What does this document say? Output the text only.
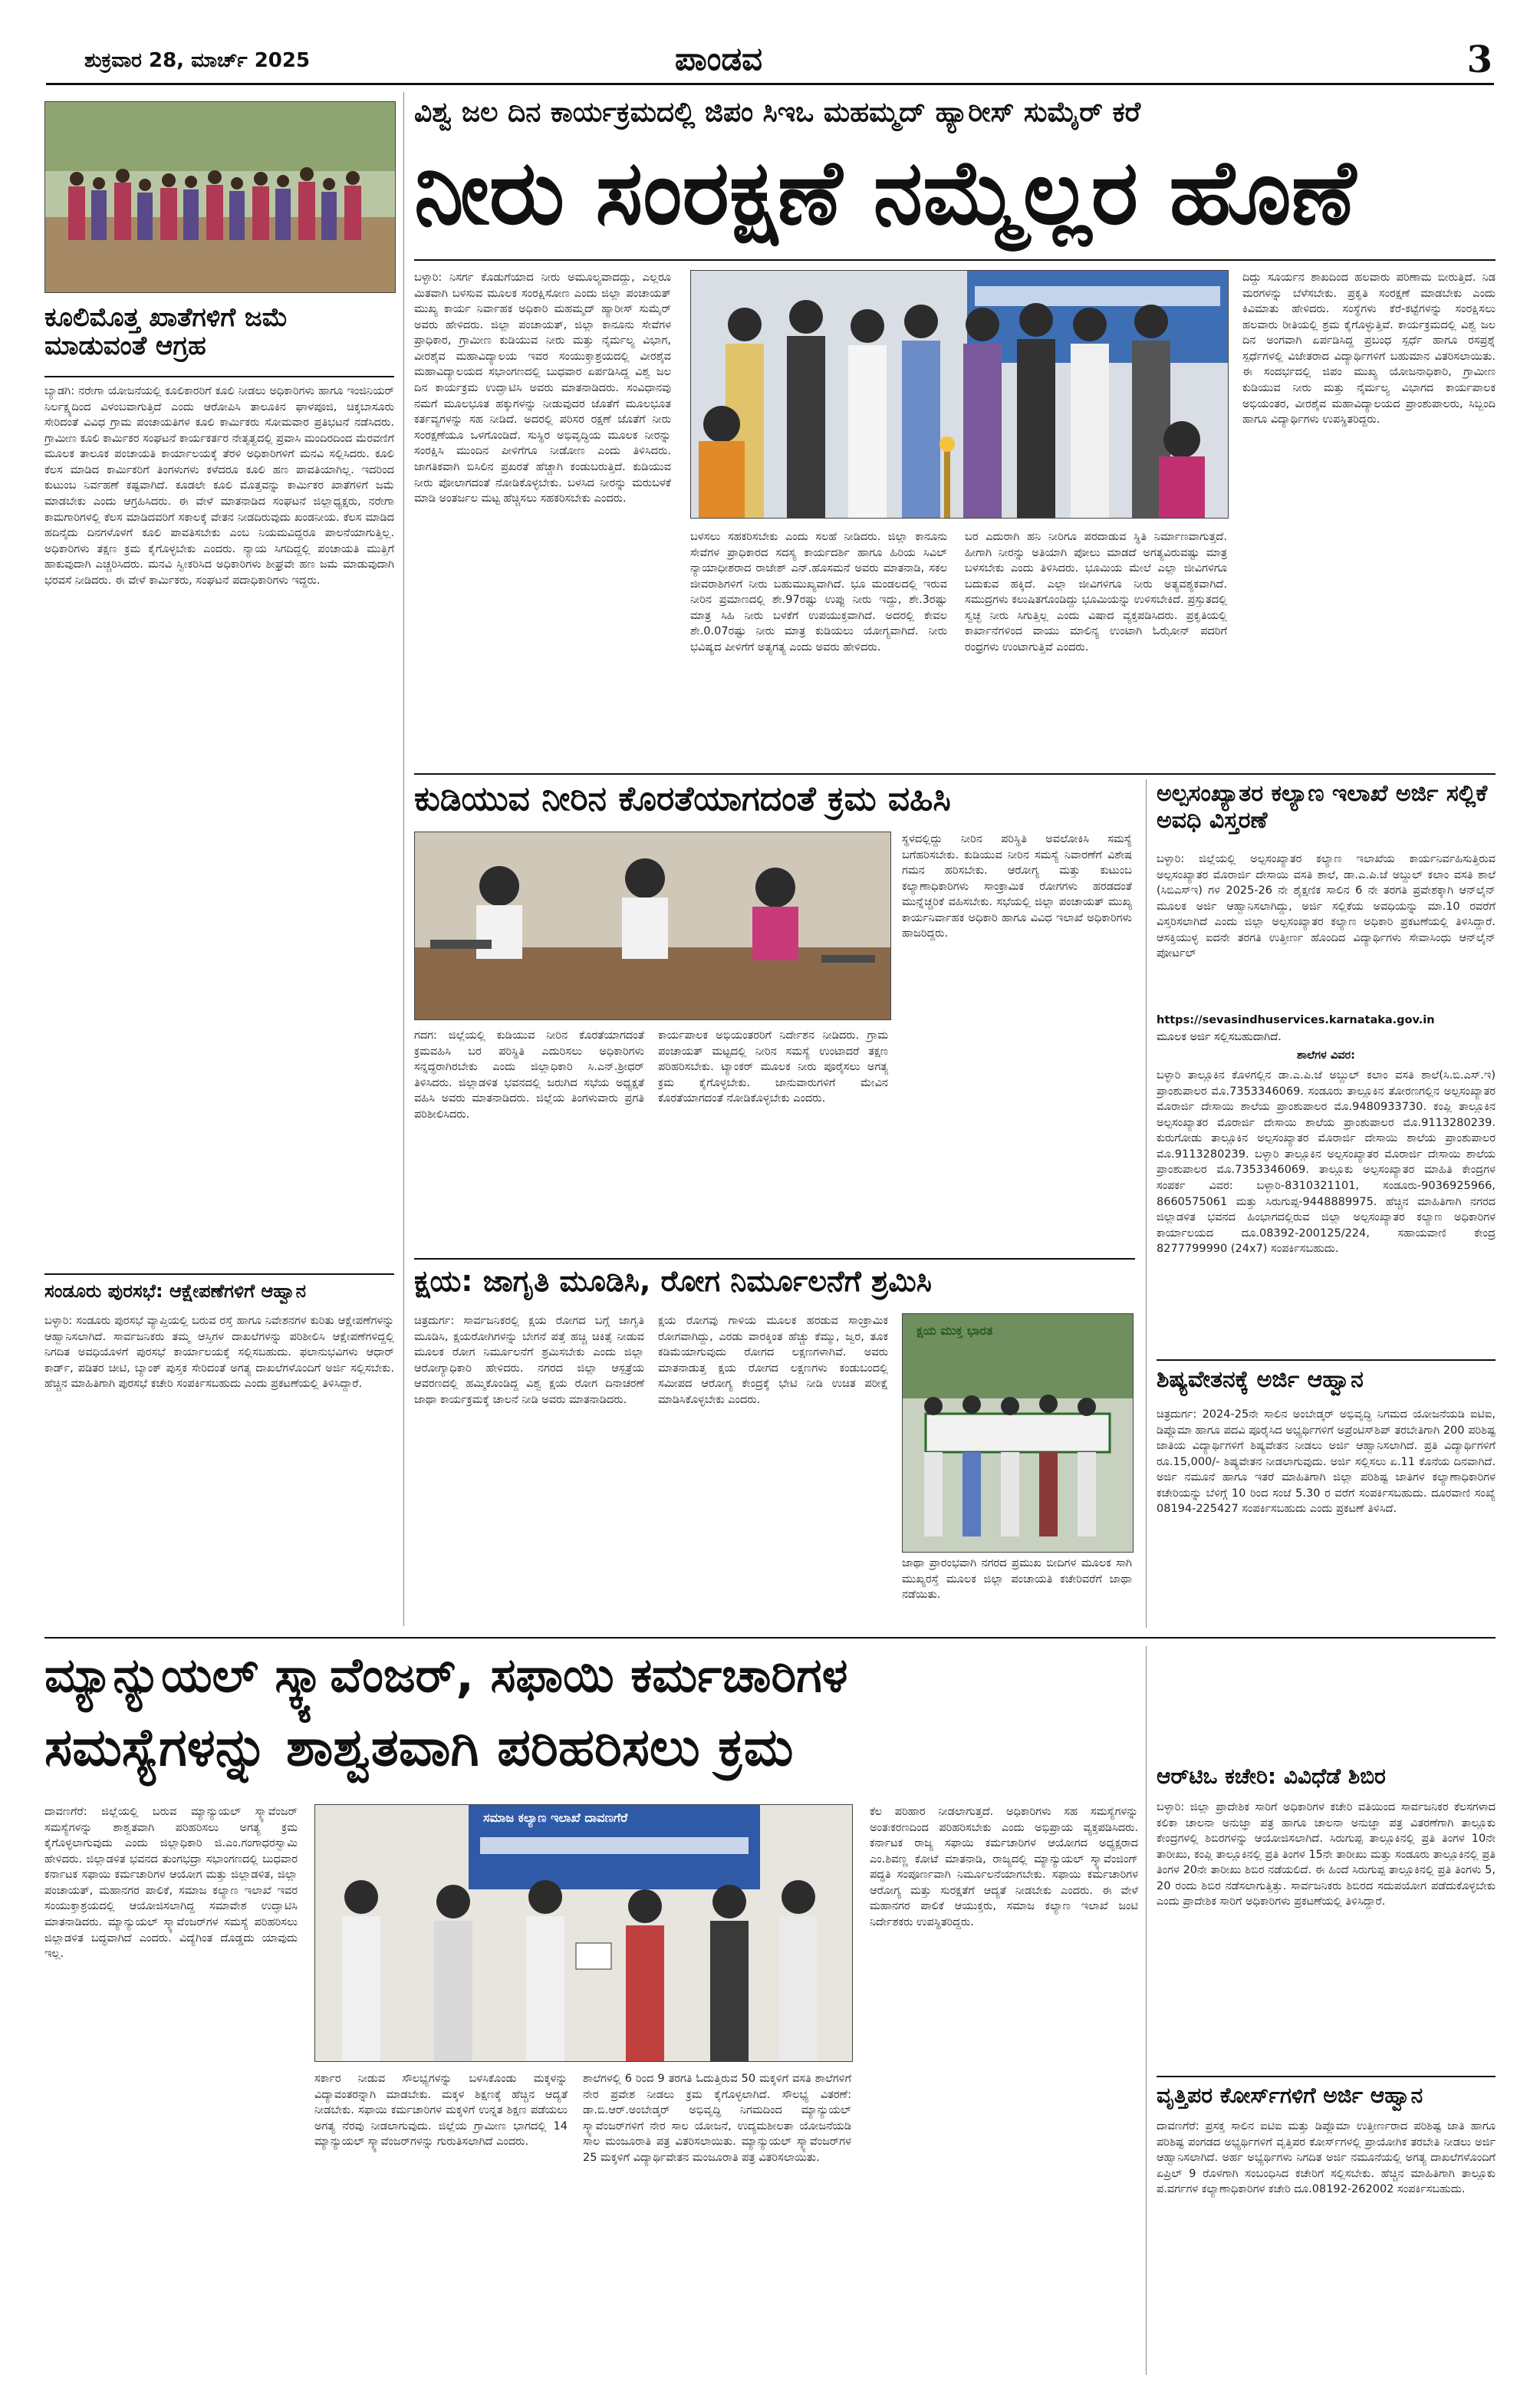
ಶುಕ್ರವಾರ 28, ಮಾರ್ಚ್ 2025	ಪಾಂಡವ	3
ಕೂಲಿಮೊತ್ತ ಖಾತೆಗಳಿಗೆ ಜಮೆ ಮಾಡುವಂತೆ ಆಗ್ರಹ
ಬ್ಯಾಡಗಿ: ನರೇಗಾ ಯೋಜನೆಯಲ್ಲಿ ಕೂಲಿಕಾರರಿಗೆ ಕೂಲಿ ನೀಡಲು ಅಧಿಕಾರಿಗಳು ಹಾಗೂ ಇಂಜಿನಿಯರ್ ನಿರ್ಲಕ್ಷ್ಯದಿಂದ ವಿಳಂಬವಾಗುತ್ತಿದೆ ಎಂದು ಆರೋಪಿಸಿ ತಾಲೂಕಿನ ಘಾಳಪೂಜಿ, ಚಿಕ್ಕಬಾಸೂರು ಸೇರಿದಂತೆ ವಿವಿಧ ಗ್ರಾಮ ಪಂಚಾಯತಿಗಳ ಕೂಲಿ ಕಾರ್ಮಿಕರು ಸೋಮವಾರ ಪ್ರತಿಭಟನೆ ನಡೆಸಿದರು. ಗ್ರಾಮೀಣ ಕೂಲಿ ಕಾರ್ಮಿಕರ ಸಂಘಟನೆ ಕಾರ್ಯಕರ್ತರ ನೇತೃತ್ವದಲ್ಲಿ ಪ್ರವಾಸಿ ಮಂದಿರದಿಂದ ಮೆರವಣಿಗೆ ಮೂಲಕ ತಾಲೂಕ ಪಂಚಾಯತಿ ಕಾರ್ಯಾಲಯಕ್ಕೆ ತೆರಳಿ ಅಧಿಕಾರಿಗಳಿಗೆ ಮನವಿ ಸಲ್ಲಿಸಿದರು. ಕೂಲಿ ಕೆಲಸ ಮಾಡಿದ ಕಾರ್ಮಿಕರಿಗೆ ತಿಂಗಳುಗಳು ಕಳೆದರೂ ಕೂಲಿ ಹಣ ಪಾವತಿಯಾಗಿಲ್ಲ. ಇದರಿಂದ ಕುಟುಂಬ ನಿರ್ವಹಣೆ ಕಷ್ಟವಾಗಿದೆ. ಕೂಡಲೇ ಕೂಲಿ ಮೊತ್ತವನ್ನು ಕಾರ್ಮಿಕರ ಖಾತೆಗಳಿಗೆ ಜಮೆ ಮಾಡಬೇಕು ಎಂದು ಆಗ್ರಹಿಸಿದರು. ಈ ವೇಳೆ ಮಾತನಾಡಿದ ಸಂಘಟನೆ ಜಿಲ್ಲಾಧ್ಯಕ್ಷರು, ನರೇಗಾ ಕಾಮಗಾರಿಗಳಲ್ಲಿ ಕೆಲಸ ಮಾಡಿದವರಿಗೆ ಸಕಾಲಕ್ಕೆ ವೇತನ ನೀಡದಿರುವುದು ಖಂಡನೀಯ. ಕೆಲಸ ಮಾಡಿದ ಹದಿನೈದು ದಿನಗಳೊಳಗೆ ಕೂಲಿ ಪಾವತಿಸಬೇಕು ಎಂಬ ನಿಯಮವಿದ್ದರೂ ಪಾಲನೆಯಾಗುತ್ತಿಲ್ಲ. ಅಧಿಕಾರಿಗಳು ತಕ್ಷಣ ಕ್ರಮ ಕೈಗೊಳ್ಳಬೇಕು ಎಂದರು. ನ್ಯಾಯ ಸಿಗದಿದ್ದಲ್ಲಿ ಪಂಚಾಯತಿ ಮುತ್ತಿಗೆ ಹಾಕುವುದಾಗಿ ಎಚ್ಚರಿಸಿದರು. ಮನವಿ ಸ್ವೀಕರಿಸಿದ ಅಧಿಕಾರಿಗಳು ಶೀಘ್ರವೇ ಹಣ ಜಮೆ ಮಾಡುವುದಾಗಿ ಭರವಸೆ ನೀಡಿದರು. ಈ ವೇಳೆ ಕಾರ್ಮಿಕರು, ಸಂಘಟನೆ ಪದಾಧಿಕಾರಿಗಳು ಇದ್ದರು.
ಸಂಡೂರು ಪುರಸಭೆ: ಆಕ್ಷೇಪಣೆಗಳಿಗೆ ಆಹ್ವಾನ
ಬಳ್ಳಾರಿ: ಸಂಡೂರು ಪುರಸಭೆ ವ್ಯಾಪ್ತಿಯಲ್ಲಿ ಬರುವ ರಸ್ತೆ ಹಾಗೂ ನಿವೇಶನಗಳ ಕುರಿತು ಆಕ್ಷೇಪಣೆಗಳನ್ನು ಆಹ್ವಾನಿಸಲಾಗಿದೆ. ಸಾರ್ವಜನಿಕರು ತಮ್ಮ ಆಸ್ತಿಗಳ ದಾಖಲೆಗಳನ್ನು ಪರಿಶೀಲಿಸಿ ಆಕ್ಷೇಪಣೆಗಳಿದ್ದಲ್ಲಿ ನಿಗದಿತ ಅವಧಿಯೊಳಗೆ ಪುರಸಭೆ ಕಾರ್ಯಾಲಯಕ್ಕೆ ಸಲ್ಲಿಸಬಹುದು. ಫಲಾನುಭವಿಗಳು ಆಧಾರ್ ಕಾರ್ಡ್, ಪಡಿತರ ಚೀಟಿ, ಬ್ಯಾಂಕ್ ಪುಸ್ತಕ ಸೇರಿದಂತೆ ಅಗತ್ಯ ದಾಖಲೆಗಳೊಂದಿಗೆ ಅರ್ಜಿ ಸಲ್ಲಿಸಬೇಕು. ಹೆಚ್ಚಿನ ಮಾಹಿತಿಗಾಗಿ ಪುರಸಭೆ ಕಚೇರಿ ಸಂಪರ್ಕಿಸಬಹುದು ಎಂದು ಪ್ರಕಟಣೆಯಲ್ಲಿ ತಿಳಿಸಿದ್ದಾರೆ.
ವಿಶ್ವ ಜಲ ದಿನ ಕಾರ್ಯಕ್ರಮದಲ್ಲಿ ಜಿಪಂ ಸಿಇಒ ಮಹಮ್ಮದ್ ಹ್ಯಾರೀಸ್ ಸುಮೈರ್ ಕರೆ
ನೀರು ಸಂರಕ್ಷಣೆ ನಮ್ಮೆಲ್ಲರ ಹೊಣೆ
ಬಳ್ಳಾರಿ: ನಿಸರ್ಗ ಕೊಡುಗೆಯಾದ ನೀರು ಅಮೂಲ್ಯವಾದದ್ದು, ಎಲ್ಲರೂ ಮಿತವಾಗಿ ಬಳಸುವ ಮೂಲಕ ಸಂರಕ್ಷಿಸೋಣ ಎಂದು ಜಿಲ್ಲಾ ಪಂಚಾಯತ್ ಮುಖ್ಯ ಕಾರ್ಯ ನಿರ್ವಾಹಕ ಅಧಿಕಾರಿ ಮಹಮ್ಮದ್ ಹ್ಯಾರೀಸ್ ಸುಮೈರ್ ಅವರು ಹೇಳಿದರು. ಜಿಲ್ಲಾ ಪಂಚಾಯತ್, ಜಿಲ್ಲಾ ಕಾನೂನು ಸೇವೆಗಳ ಪ್ರಾಧಿಕಾರ, ಗ್ರಾಮೀಣ ಕುಡಿಯುವ ನೀರು ಮತ್ತು ನೈರ್ಮಲ್ಯ ವಿಭಾಗ, ವೀರಶೈವ ಮಹಾವಿದ್ಯಾಲಯ ಇವರ ಸಂಯುಕ್ತಾಶ್ರಯದಲ್ಲಿ ವೀರಶೈವ ಮಹಾವಿದ್ಯಾಲಯದ ಸಭಾಂಗಣದಲ್ಲಿ ಬುಧವಾರ ಏರ್ಪಡಿಸಿದ್ದ ವಿಶ್ವ ಜಲ ದಿನ ಕಾರ್ಯಕ್ರಮ ಉದ್ಘಾಟಿಸಿ ಅವರು ಮಾತನಾಡಿದರು. ಸಂವಿಧಾನವು ನಮಗೆ ಮೂಲಭೂತ ಹಕ್ಕುಗಳನ್ನು ನೀಡುವುದರ ಜೊತೆಗೆ ಮೂಲಭೂತ ಕರ್ತವ್ಯಗಳನ್ನು ಸಹ ನೀಡಿದೆ. ಅದರಲ್ಲಿ ಪರಿಸರ ರಕ್ಷಣೆ ಜೊತೆಗೆ ನೀರು ಸಂರಕ್ಷಣೆಯೂ ಒಳಗೊಂಡಿದೆ. ಸುಸ್ಥಿರ ಅಭಿವೃದ್ಧಿಯ ಮೂಲಕ ನೀರನ್ನು ಸಂರಕ್ಷಿಸಿ ಮುಂದಿನ ಪೀಳಿಗೆಗೂ ನೀಡೋಣ ಎಂದು ತಿಳಿಸಿದರು. ಜಾಗತಿಕವಾಗಿ ಬಿಸಿಲಿನ ಪ್ರಖರತೆ ಹೆಚ್ಚಾಗಿ ಕಂಡುಬರುತ್ತಿದೆ. ಕುಡಿಯುವ ನೀರು ಪೋಲಾಗದಂತೆ ನೋಡಿಕೊಳ್ಳಬೇಕು. ಬಳಸಿದ ನೀರನ್ನು ಮರುಬಳಕೆ ಮಾಡಿ ಅಂತರ್ಜಲ ಮಟ್ಟ ಹೆಚ್ಚಿಸಲು ಸಹಕರಿಸಬೇಕು ಎಂದರು.
ಬಳಸಲು ಸಹಕರಿಸಬೇಕು ಎಂದು ಸಲಹೆ ನೀಡಿದರು. ಜಿಲ್ಲಾ ಕಾನೂನು ಸೇವೆಗಳ ಪ್ರಾಧಿಕಾರದ ಸದಸ್ಯ ಕಾರ್ಯದರ್ಶಿ ಹಾಗೂ ಹಿರಿಯ ಸಿವಿಲ್ ನ್ಯಾಯಾಧೀಶರಾದ ರಾಜೇಶ್ ಎನ್.ಹೊಸಮನೆ ಅವರು ಮಾತನಾಡಿ, ಸಕಲ ಜೀವರಾಶಿಗಳಿಗೆ ನೀರು ಬಹುಮುಖ್ಯವಾಗಿದೆ. ಭೂ ಮಂಡಲದಲ್ಲಿ ಇರುವ ನೀರಿನ ಪ್ರಮಾಣದಲ್ಲಿ ಶೇ.97ರಷ್ಟು ಉಪ್ಪು ನೀರು ಇದ್ದು, ಶೇ.3ರಷ್ಟು ಮಾತ್ರ ಸಿಹಿ ನೀರು ಬಳಕೆಗೆ ಉಪಯುಕ್ತವಾಗಿದೆ. ಅದರಲ್ಲಿ ಕೇವಲ ಶೇ.0.07ರಷ್ಟು ನೀರು ಮಾತ್ರ ಕುಡಿಯಲು ಯೋಗ್ಯವಾಗಿದೆ. ನೀರು ಭವಿಷ್ಯದ ಪೀಳಿಗೆಗೆ ಅತ್ಯಗತ್ಯ ಎಂದು ಅವರು ಹೇಳಿದರು.
ಬರ ಎದುರಾಗಿ ಹನಿ ನೀರಿಗೂ ಪರದಾಡುವ ಸ್ಥಿತಿ ನಿರ್ಮಾಣವಾಗುತ್ತದೆ. ಹೀಗಾಗಿ ನೀರನ್ನು ಅತಿಯಾಗಿ ಪೋಲು ಮಾಡದೆ ಅಗತ್ಯವಿರುವಷ್ಟು ಮಾತ್ರ ಬಳಸಬೇಕು ಎಂದು ತಿಳಿಸಿದರು. ಭೂಮಿಯ ಮೇಲೆ ಎಲ್ಲಾ ಜೀವಿಗಳಿಗೂ ಬದುಕುವ ಹಕ್ಕಿದೆ. ಎಲ್ಲಾ ಜೀವಿಗಳಿಗೂ ನೀರು ಅತ್ಯವಶ್ಯಕವಾಗಿದೆ. ಸಮುದ್ರಗಳು ಕಲುಷಿತಗೊಂಡಿದ್ದು ಭೂಮಿಯನ್ನು ಉಳಿಸಬೇಕಿದೆ. ಪ್ರಸ್ತುತದಲ್ಲಿ ಸ್ವಚ್ಛ ನೀರು ಸಿಗುತ್ತಿಲ್ಲ ಎಂದು ವಿಷಾದ ವ್ಯಕ್ತಪಡಿಸಿದರು. ಪ್ರಕೃತಿಯಲ್ಲಿ ಕಾರ್ಖಾನೆಗಳಿಂದ ವಾಯು ಮಾಲಿನ್ಯ ಉಂಟಾಗಿ ಓಝೋನ್ ಪದರಿಗೆ ರಂಧ್ರಗಳು ಉಂಟಾಗುತ್ತಿವೆ ಎಂದರು.
ದಿದ್ದು ಸೂರ್ಯನ ಶಾಖದಿಂದ ಹಲವಾರು ಪರಿಣಾಮ ಬೀರುತ್ತಿದೆ. ನಿಡ ಮರಗಳನ್ನು ಬೆಳೆಸಬೇಕು. ಪ್ರಕೃತಿ ಸಂರಕ್ಷಣೆ ಮಾಡಬೇಕು ಎಂದು ಕಿವಿಮಾತು ಹೇಳಿದರು. ಸಂಸ್ಥೆಗಳು ಕೆರೆ-ಕಟ್ಟೆಗಳನ್ನು ಸಂರಕ್ಷಿಸಲು ಹಲವಾರು ರೀತಿಯಲ್ಲಿ ಶ್ರಮ ಕೈಗೊಳ್ಳುತ್ತಿವೆ. ಕಾರ್ಯಕ್ರಮದಲ್ಲಿ ವಿಶ್ವ ಜಲ ದಿನ ಅಂಗವಾಗಿ ಏರ್ಪಡಿಸಿದ್ದ ಪ್ರಬಂಧ ಸ್ಪರ್ಧೆ ಹಾಗೂ ರಸಪ್ರಶ್ನೆ ಸ್ಪರ್ಧೆಗಳಲ್ಲಿ ವಿಜೇತರಾದ ವಿದ್ಯಾರ್ಥಿಗಳಿಗೆ ಬಹುಮಾನ ವಿತರಿಸಲಾಯಿತು. ಈ ಸಂದರ್ಭದಲ್ಲಿ ಜಿಪಂ ಮುಖ್ಯ ಯೋಜನಾಧಿಕಾರಿ, ಗ್ರಾಮೀಣ ಕುಡಿಯುವ ನೀರು ಮತ್ತು ನೈರ್ಮಲ್ಯ ವಿಭಾಗದ ಕಾರ್ಯಪಾಲಕ ಅಭಿಯಂತರ, ವೀರಶೈವ ಮಹಾವಿದ್ಯಾಲಯದ ಪ್ರಾಂಶುಪಾಲರು, ಸಿಬ್ಬಂದಿ ಹಾಗೂ ವಿದ್ಯಾರ್ಥಿಗಳು ಉಪಸ್ಥಿತರಿದ್ದರು.
ಕುಡಿಯುವ ನೀರಿನ ಕೊರತೆಯಾಗದಂತೆ ಕ್ರಮ ವಹಿಸಿ
ಗದಗ: ಜಿಲ್ಲೆಯಲ್ಲಿ ಕುಡಿಯುವ ನೀರಿನ ಕೊರತೆಯಾಗದಂತೆ ಕ್ರಮವಹಿಸಿ ಬರ ಪರಿಸ್ಥಿತಿ ಎದುರಿಸಲು ಅಧಿಕಾರಿಗಳು ಸನ್ನದ್ಧರಾಗಿರಬೇಕು ಎಂದು ಜಿಲ್ಲಾಧಿಕಾರಿ ಸಿ.ಎನ್.ಶ್ರೀಧರ್ ತಿಳಿಸಿದರು. ಜಿಲ್ಲಾಡಳಿತ ಭವನದಲ್ಲಿ ಜರುಗಿದ ಸಭೆಯ ಅಧ್ಯಕ್ಷತೆ ವಹಿಸಿ ಅವರು ಮಾತನಾಡಿದರು. ಜಿಲ್ಲೆಯ ತಿಂಗಳುವಾರು ಪ್ರಗತಿ ಪರಿಶೀಲಿಸಿದರು.
ಕಾರ್ಯಪಾಲಕ ಅಭಿಯಂತರರಿಗೆ ನಿರ್ದೇಶನ ನೀಡಿದರು. ಗ್ರಾಮ ಪಂಚಾಯತ್ ಮಟ್ಟದಲ್ಲಿ ನೀರಿನ ಸಮಸ್ಯೆ ಉಂಟಾದರೆ ತಕ್ಷಣ ಪರಿಹರಿಸಬೇಕು. ಟ್ಯಾಂಕರ್ ಮೂಲಕ ನೀರು ಪೂರೈಸಲು ಅಗತ್ಯ ಕ್ರಮ ಕೈಗೊಳ್ಳಬೇಕು. ಜಾನುವಾರುಗಳಿಗೆ ಮೇವಿನ ಕೊರತೆಯಾಗದಂತೆ ನೋಡಿಕೊಳ್ಳಬೇಕು ಎಂದರು.
ಸ್ಥಳದಲ್ಲಿದ್ದು ನೀರಿನ ಪರಿಸ್ಥಿತಿ ಅವಲೋಕಿಸಿ ಸಮಸ್ಯೆ ಬಗೆಹರಿಸಬೇಕು. ಕುಡಿಯುವ ನೀರಿನ ಸಮಸ್ಯೆ ನಿವಾರಣೆಗೆ ವಿಶೇಷ ಗಮನ ಹರಿಸಬೇಕು. ಆರೋಗ್ಯ ಮತ್ತು ಕುಟುಂಬ ಕಲ್ಯಾಣಾಧಿಕಾರಿಗಳು ಸಾಂಕ್ರಾಮಿಕ ರೋಗಗಳು ಹರಡದಂತೆ ಮುನ್ನೆಚ್ಚರಿಕೆ ವಹಿಸಬೇಕು. ಸಭೆಯಲ್ಲಿ ಜಿಲ್ಲಾ ಪಂಚಾಯತ್ ಮುಖ್ಯ ಕಾರ್ಯನಿರ್ವಾಹಕ ಅಧಿಕಾರಿ ಹಾಗೂ ವಿವಿಧ ಇಲಾಖೆ ಅಧಿಕಾರಿಗಳು ಹಾಜರಿದ್ದರು.
ಕ್ಷಯ: ಜಾಗೃತಿ ಮೂಡಿಸಿ, ರೋಗ ನಿರ್ಮೂಲನೆಗೆ ಶ್ರಮಿಸಿ
ಚಿತ್ರದುರ್ಗ: ಸಾರ್ವಜನಿಕರಲ್ಲಿ ಕ್ಷಯ ರೋಗದ ಬಗ್ಗೆ ಜಾಗೃತಿ ಮೂಡಿಸಿ, ಕ್ಷಯರೋಗಿಗಳನ್ನು ಬೇಗನೆ ಪತ್ತೆ ಹಚ್ಚಿ ಚಿಕಿತ್ಸೆ ನೀಡುವ ಮೂಲಕ ರೋಗ ನಿರ್ಮೂಲನೆಗೆ ಶ್ರಮಿಸಬೇಕು ಎಂದು ಜಿಲ್ಲಾ ಆರೋಗ್ಯಾಧಿಕಾರಿ ಹೇಳಿದರು. ನಗರದ ಜಿಲ್ಲಾ ಆಸ್ಪತ್ರೆಯ ಆವರಣದಲ್ಲಿ ಹಮ್ಮಿಕೊಂಡಿದ್ದ ವಿಶ್ವ ಕ್ಷಯ ರೋಗ ದಿನಾಚರಣೆ ಜಾಥಾ ಕಾರ್ಯಕ್ರಮಕ್ಕೆ ಚಾಲನೆ ನೀಡಿ ಅವರು ಮಾತನಾಡಿದರು.
ಕ್ಷಯ ರೋಗವು ಗಾಳಿಯ ಮೂಲಕ ಹರಡುವ ಸಾಂಕ್ರಾಮಿಕ ರೋಗವಾಗಿದ್ದು, ಎರಡು ವಾರಕ್ಕಿಂತ ಹೆಚ್ಚು ಕೆಮ್ಮು, ಜ್ವರ, ತೂಕ ಕಡಿಮೆಯಾಗುವುದು ರೋಗದ ಲಕ್ಷಣಗಳಾಗಿವೆ. ಅವರು ಮಾತನಾಡುತ್ತ ಕ್ಷಯ ರೋಗದ ಲಕ್ಷಣಗಳು ಕಂಡುಬಂದಲ್ಲಿ ಸಮೀಪದ ಆರೋಗ್ಯ ಕೇಂದ್ರಕ್ಕೆ ಭೇಟಿ ನೀಡಿ ಉಚಿತ ಪರೀಕ್ಷೆ ಮಾಡಿಸಿಕೊಳ್ಳಬೇಕು ಎಂದರು.
ಕ್ಷಯ ಮುಕ್ತ ಭಾರತ
ಜಾಥಾ ಪ್ರಾರಂಭವಾಗಿ ನಗರದ ಪ್ರಮುಖ ಬೀದಿಗಳ ಮೂಲಕ ಸಾಗಿ ಮುಖ್ಯರಸ್ತೆ ಮೂಲಕ ಜಿಲ್ಲಾ ಪಂಚಾಯತಿ ಕಚೇರಿವರೆಗೆ ಜಾಥಾ ನಡೆಯಿತು.
ಅಲ್ಪಸಂಖ್ಯಾತರ ಕಲ್ಯಾಣ ಇಲಾಖೆ ಅರ್ಜಿ ಸಲ್ಲಿಕೆ ಅವಧಿ ವಿಸ್ತರಣೆ
ಬಳ್ಳಾರಿ: ಜಿಲ್ಲೆಯಲ್ಲಿ ಅಲ್ಪಸಂಖ್ಯಾತರ ಕಲ್ಯಾಣ ಇಲಾಖೆಯ ಕಾರ್ಯನಿರ್ವಹಿಸುತ್ತಿರುವ ಅಲ್ಪಸಂಖ್ಯಾತರ ಮೊರಾರ್ಜಿ ದೇಸಾಯಿ ವಸತಿ ಶಾಲೆ, ಡಾ.ಎ.ಪಿ.ಜೆ ಅಬ್ದುಲ್ ಕಲಾಂ ವಸತಿ ಶಾಲೆ (ಸಿಬಿಎಸ್‌ಇ) ಗಳ 2025-26 ನೇ ಶೈಕ್ಷಣಿಕ ಸಾಲಿನ 6 ನೇ ತರಗತಿ ಪ್ರವೇಶಕ್ಕಾಗಿ ಆನ್‌ಲೈನ್ ಮೂಲಕ ಅರ್ಜಿ ಆಹ್ವಾನಿಸಲಾಗಿದ್ದು, ಅರ್ಜಿ ಸಲ್ಲಿಕೆಯ ಅವಧಿಯನ್ನು ಮಾ.10 ರವರೆಗೆ ವಿಸ್ತರಿಸಲಾಗಿದೆ ಎಂದು ಜಿಲ್ಲಾ ಅಲ್ಪಸಂಖ್ಯಾತರ ಕಲ್ಯಾಣ ಅಧಿಕಾರಿ ಪ್ರಕಟಣೆಯಲ್ಲಿ ತಿಳಿಸಿದ್ದಾರೆ. ಆಸಕ್ತಿಯುಳ್ಳ ಐದನೇ ತರಗತಿ ಉತ್ತೀರ್ಣ ಹೊಂದಿದ ವಿದ್ಯಾರ್ಥಿಗಳು ಸೇವಾಸಿಂಧು ಆನ್‌ಲೈನ್ ಪೋರ್ಟಲ್
https://sevasindhuservices.karnataka.gov.in
ಮೂಲಕ ಅರ್ಜಿ ಸಲ್ಲಿಸಬಹುದಾಗಿದೆ.
ಶಾಲೆಗಳ ವಿವರ:
ಬಳ್ಳಾರಿ ತಾಲ್ಲೂಕಿನ ಕೊಳಗಲ್ಲಿನ ಡಾ.ಎ.ಪಿ.ಜೆ ಅಬ್ದುಲ್ ಕಲಾಂ ವಸತಿ ಶಾಲೆ(ಸಿ.ಬಿ.ಎಸ್.ಇ) ಪ್ರಾಂಶುಪಾಲರ ಮೊ.7353346069. ಸಂಡೂರು ತಾಲ್ಲೂಕಿನ ತೋರಣಗಲ್ಲಿನ ಅಲ್ಪಸಂಖ್ಯಾತರ ಮೊರಾರ್ಜಿ ದೇಸಾಯಿ ಶಾಲೆಯ ಪ್ರಾಂಶುಪಾಲರ ಮೊ.9480933730. ಕಂಪ್ಲಿ ತಾಲ್ಲೂಕಿನ ಅಲ್ಪಸಂಖ್ಯಾತರ ಮೊರಾರ್ಜಿ ದೇಸಾಯಿ ಶಾಲೆಯ ಪ್ರಾಂಶುಪಾಲರ ಮೊ.9113280239. ಕುರುಗೋಡು ತಾಲ್ಲೂಕಿನ ಅಲ್ಪಸಂಖ್ಯಾತರ ಮೊರಾರ್ಜಿ ದೇಸಾಯಿ ಶಾಲೆಯ ಪ್ರಾಂಶುಪಾಲರ ಮೊ.9113280239. ಬಳ್ಳಾರಿ ತಾಲ್ಲೂಕಿನ ಅಲ್ಪಸಂಖ್ಯಾತರ ಮೊರಾರ್ಜಿ ದೇಸಾಯಿ ಶಾಲೆಯ ಪ್ರಾಂಶುಪಾಲರ ಮೊ.7353346069. ತಾಲ್ಲೂಕು ಅಲ್ಪಸಂಖ್ಯಾತರ ಮಾಹಿತಿ ಕೇಂದ್ರಗಳ ಸಂಪರ್ಕ ವಿವರ: ಬಳ್ಳಾರಿ-8310321101, ಸಂಡೂರು-9036925966, 8660575061 ಮತ್ತು ಸಿರುಗುಪ್ಪ-9448889975. ಹೆಚ್ಚಿನ ಮಾಹಿತಿಗಾಗಿ ನಗರದ ಜಿಲ್ಲಾಡಳಿತ ಭವನದ ಹಿಂಭಾಗದಲ್ಲಿರುವ ಜಿಲ್ಲಾ ಅಲ್ಪಸಂಖ್ಯಾತರ ಕಲ್ಯಾಣ ಅಧಿಕಾರಿಗಳ ಕಾರ್ಯಾಲಯದ ದೂ.08392-200125/224, ಸಹಾಯವಾಣಿ ಕೇಂದ್ರ 8277799990 (24x7) ಸಂಪರ್ಕಿಸಬಹುದು.
ಶಿಷ್ಯವೇತನಕ್ಕೆ ಅರ್ಜಿ ಆಹ್ವಾನ
ಚಿತ್ರದುರ್ಗ: 2024-25ನೇ ಸಾಲಿನ ಅಂಬೇಡ್ಕರ್ ಅಭಿವೃದ್ಧಿ ನಿಗಮದ ಯೋಜನೆಯಡಿ ಐಟಿಐ, ಡಿಪ್ಲೊಮಾ ಹಾಗೂ ಪದವಿ ಪೂರೈಸಿದ ಅಭ್ಯರ್ಥಿಗಳಿಗೆ ಅಪ್ರೆಂಟಿಸ್‌ಶಿಪ್ ತರಬೇತಿಗಾಗಿ 200 ಪರಿಶಿಷ್ಟ ಜಾತಿಯ ವಿದ್ಯಾರ್ಥಿಗಳಿಗೆ ಶಿಷ್ಯವೇತನ ನೀಡಲು ಅರ್ಜಿ ಆಹ್ವಾನಿಸಲಾಗಿದೆ. ಪ್ರತಿ ವಿದ್ಯಾರ್ಥಿಗಳಿಗೆ ರೂ.15,000/- ಶಿಷ್ಯವೇತನ ನೀಡಲಾಗುವುದು. ಅರ್ಜಿ ಸಲ್ಲಿಸಲು ಏ.11 ಕೊನೆಯ ದಿನವಾಗಿದೆ. ಅರ್ಜಿ ನಮೂನೆ ಹಾಗೂ ಇತರೆ ಮಾಹಿತಿಗಾಗಿ ಜಿಲ್ಲಾ ಪರಿಶಿಷ್ಟ ಜಾತಿಗಳ ಕಲ್ಯಾಣಾಧಿಕಾರಿಗಳ ಕಚೇರಿಯನ್ನು ಬೆಳಿಗ್ಗೆ 10 ರಿಂದ ಸಂಜೆ 5.30 ರ ವರೆಗೆ ಸಂಪರ್ಕಿಸಬಹುದು. ದೂರವಾಣಿ ಸಂಖ್ಯೆ 08194-225427 ಸಂಪರ್ಕಿಸಬಹುದು ಎಂದು ಪ್ರಕಟಣೆ ತಿಳಿಸಿದೆ.
ಮ್ಯಾನ್ಯುಯಲ್ ಸ್ಕ್ಯಾವೆಂಜರ್, ಸಫಾಯಿ ಕರ್ಮಚಾರಿಗಳ
ಸಮಸ್ಯೆಗಳನ್ನು ಶಾಶ್ವತವಾಗಿ ಪರಿಹರಿಸಲು ಕ್ರಮ
ದಾವಣಗೆರೆ: ಜಿಲ್ಲೆಯಲ್ಲಿ ಬರುವ ಮ್ಯಾನ್ಯುಯಲ್ ಸ್ಕ್ಯಾವೆಂಜರ್ ಸಮಸ್ಯೆಗಳನ್ನು ಶಾಶ್ವತವಾಗಿ ಪರಿಹರಿಸಲು ಅಗತ್ಯ ಕ್ರಮ ಕೈಗೊಳ್ಳಲಾಗುವುದು ಎಂದು ಜಿಲ್ಲಾಧಿಕಾರಿ ಜಿ.ಎಂ.ಗಂಗಾಧರಸ್ವಾಮಿ ಹೇಳಿದರು. ಜಿಲ್ಲಾಡಳಿತ ಭವನದ ತುಂಗಭದ್ರಾ ಸಭಾಂಗಣದಲ್ಲಿ ಬುಧವಾರ ಕರ್ನಾಟಕ ಸಫಾಯಿ ಕರ್ಮಚಾರಿಗಳ ಆಯೋಗ ಮತ್ತು ಜಿಲ್ಲಾಡಳಿತ, ಜಿಲ್ಲಾ ಪಂಚಾಯತ್, ಮಹಾನಗರ ಪಾಲಿಕೆ, ಸಮಾಜ ಕಲ್ಯಾಣ ಇಲಾಖೆ ಇವರ ಸಂಯುಕ್ತಾಶ್ರಯದಲ್ಲಿ ಆಯೋಜಿಸಲಾಗಿದ್ದ ಸಮಾವೇಶ ಉದ್ಘಾಟಿಸಿ ಮಾತನಾಡಿದರು. ಮ್ಯಾನ್ಯುಯಲ್ ಸ್ಕ್ಯಾವೆಂಜರ್‌ಗಳ ಸಮಸ್ಯೆ ಪರಿಹರಿಸಲು ಜಿಲ್ಲಾಡಳಿತ ಬದ್ಧವಾಗಿದೆ ಎಂದರು. ವಿದ್ಯೆಗಿಂತ ದೊಡ್ಡದು ಯಾವುದು ಇಲ್ಲ.
ಸಮಾಜ ಕಲ್ಯಾಣ ಇಲಾಖೆ ದಾವಣಗೆರೆ
ಸರ್ಕಾರ ನೀಡುವ ಸೌಲಭ್ಯಗಳನ್ನು ಬಳಸಿಕೊಂಡು ಮಕ್ಕಳನ್ನು ವಿದ್ಯಾವಂತರನ್ನಾಗಿ ಮಾಡಬೇಕು. ಮಕ್ಕಳ ಶಿಕ್ಷಣಕ್ಕೆ ಹೆಚ್ಚಿನ ಆದ್ಯತೆ ನೀಡಬೇಕು. ಸಫಾಯಿ ಕರ್ಮಚಾರಿಗಳ ಮಕ್ಕಳಿಗೆ ಉನ್ನತ ಶಿಕ್ಷಣ ಪಡೆಯಲು ಅಗತ್ಯ ನೆರವು ನೀಡಲಾಗುವುದು. ಜಿಲ್ಲೆಯ ಗ್ರಾಮೀಣ ಭಾಗದಲ್ಲಿ 14 ಮ್ಯಾನ್ಯುಯಲ್ ಸ್ಕ್ಯಾವೆಂಜರ್‌ಗಳನ್ನು ಗುರುತಿಸಲಾಗಿದೆ ಎಂದರು.
ಶಾಲೆಗಳಲ್ಲಿ 6 ರಿಂದ 9 ತರಗತಿ ಓದುತ್ತಿರುವ 50 ಮಕ್ಕಳಿಗೆ ವಸತಿ ಶಾಲೆಗಳಿಗೆ ನೇರ ಪ್ರವೇಶ ನೀಡಲು ಕ್ರಮ ಕೈಗೊಳ್ಳಲಾಗಿದೆ. ಸೌಲಭ್ಯ ವಿತರಣೆ: ಡಾ.ಬಿ.ಆರ್.ಅಂಬೇಡ್ಕರ್ ಅಭಿವೃದ್ಧಿ ನಿಗಮದಿಂದ ಮ್ಯಾನ್ಯುಯಲ್ ಸ್ಕ್ಯಾವೆಂಜರ್‌ಗಳಿಗೆ ನೇರ ಸಾಲ ಯೋಜನೆ, ಉದ್ಯಮಶೀಲತಾ ಯೋಜನೆಯಡಿ ಸಾಲ ಮಂಜೂರಾತಿ ಪತ್ರ ವಿತರಿಸಲಾಯಿತು. ಮ್ಯಾನ್ಯುಯಲ್ ಸ್ಕ್ಯಾವೆಂಜರ್‌ಗಳ 25 ಮಕ್ಕಳಿಗೆ ವಿದ್ಯಾರ್ಥಿವೇತನ ಮಂಜೂರಾತಿ ಪತ್ರ ವಿತರಿಸಲಾಯಿತು.
ಕೆಲ ಪರಿಹಾರ ನೀಡಲಾಗುತ್ತದೆ. ಅಧಿಕಾರಿಗಳು ಸಹ ಸಮಸ್ಯೆಗಳನ್ನು ಅಂತಃಕರಣದಿಂದ ಪರಿಹರಿಸಬೇಕು ಎಂದು ಅಭಿಪ್ರಾಯ ವ್ಯಕ್ತಪಡಿಸಿದರು. ಕರ್ನಾಟಕ ರಾಜ್ಯ ಸಫಾಯಿ ಕರ್ಮಚಾರಿಗಳ ಆಯೋಗದ ಅಧ್ಯಕ್ಷರಾದ ಎಂ.ಶಿವಣ್ಣ ಕೋಟೆ ಮಾತನಾಡಿ, ರಾಜ್ಯದಲ್ಲಿ ಮ್ಯಾನ್ಯುಯಲ್ ಸ್ಕ್ಯಾವೆಂಜಿಂಗ್ ಪದ್ಧತಿ ಸಂಪೂರ್ಣವಾಗಿ ನಿರ್ಮೂಲನೆಯಾಗಬೇಕು. ಸಫಾಯಿ ಕರ್ಮಚಾರಿಗಳ ಆರೋಗ್ಯ ಮತ್ತು ಸುರಕ್ಷತೆಗೆ ಆದ್ಯತೆ ನೀಡಬೇಕು ಎಂದರು. ಈ ವೇಳೆ ಮಹಾನಗರ ಪಾಲಿಕೆ ಆಯುಕ್ತರು, ಸಮಾಜ ಕಲ್ಯಾಣ ಇಲಾಖೆ ಜಂಟಿ ನಿರ್ದೇಶಕರು ಉಪಸ್ಥಿತರಿದ್ದರು.
ಆರ್‌ಟಿಒ ಕಚೇರಿ: ವಿವಿಧೆಡೆ ಶಿಬಿರ
ಬಳ್ಳಾರಿ: ಜಿಲ್ಲಾ ಪ್ರಾದೇಶಿಕ ಸಾರಿಗೆ ಅಧಿಕಾರಿಗಳ ಕಚೇರಿ ವತಿಯಿಂದ ಸಾರ್ವಜನಿಕರ ಕೆಲಸಗಳಾದ ಕಲಿಕಾ ಚಾಲನಾ ಅನುಜ್ಞಾ ಪತ್ರ ಹಾಗೂ ಚಾಲನಾ ಅನುಜ್ಞಾ ಪತ್ರ ವಿತರಣೆಗಾಗಿ ತಾಲ್ಲೂಕು ಕೇಂದ್ರಗಳಲ್ಲಿ ಶಿಬಿರಗಳನ್ನು ಆಯೋಜಿಸಲಾಗಿದೆ. ಸಿರುಗುಪ್ಪ ತಾಲ್ಲೂಕಿನಲ್ಲಿ ಪ್ರತಿ ತಿಂಗಳ 10ನೇ ತಾರೀಖು, ಕಂಪ್ಲಿ ತಾಲ್ಲೂಕಿನಲ್ಲಿ ಪ್ರತಿ ತಿಂಗಳ 15ನೇ ತಾರೀಖು ಮತ್ತು ಸಂಡೂರು ತಾಲ್ಲೂಕಿನಲ್ಲಿ ಪ್ರತಿ ತಿಂಗಳ 20ನೇ ತಾರೀಖು ಶಿಬಿರ ನಡೆಯಲಿದೆ. ಈ ಹಿಂದೆ ಸಿರುಗುಪ್ಪ ತಾಲ್ಲೂಕಿನಲ್ಲಿ ಪ್ರತಿ ತಿಂಗಳು 5, 20 ರಂದು ಶಿಬಿರ ನಡೆಸಲಾಗುತ್ತಿತ್ತು. ಸಾರ್ವಜನಿಕರು ಶಿಬಿರದ ಸದುಪಯೋಗ ಪಡೆದುಕೊಳ್ಳಬೇಕು ಎಂದು ಪ್ರಾದೇಶಿಕ ಸಾರಿಗೆ ಅಧಿಕಾರಿಗಳು ಪ್ರಕಟಣೆಯಲ್ಲಿ ತಿಳಿಸಿದ್ದಾರೆ.
ವೃತ್ತಿಪರ ಕೋರ್ಸ್‌ಗಳಿಗೆ ಅರ್ಜಿ ಆಹ್ವಾನ
ದಾವಣಗೆರೆ: ಪ್ರಸಕ್ತ ಸಾಲಿನ ಐಟಿಐ ಮತ್ತು ಡಿಪ್ಲೊಮಾ ಉತ್ತೀರ್ಣರಾದ ಪರಿಶಿಷ್ಟ ಜಾತಿ ಹಾಗೂ ಪರಿಶಿಷ್ಟ ಪಂಗಡದ ಅಭ್ಯರ್ಥಿಗಳಿಗೆ ವೃತ್ತಿಪರ ಕೋರ್ಸ್‌ಗಳಲ್ಲಿ ಪ್ರಾಯೋಗಿಕ ತರಬೇತಿ ನೀಡಲು ಅರ್ಜಿ ಆಹ್ವಾನಿಸಲಾಗಿದೆ. ಅರ್ಹ ಅಭ್ಯರ್ಥಿಗಳು ನಿಗದಿತ ಅರ್ಜಿ ನಮೂನೆಯಲ್ಲಿ ಅಗತ್ಯ ದಾಖಲೆಗಳೊಂದಿಗೆ ಏಪ್ರಿಲ್ 9 ರೊಳಗಾಗಿ ಸಂಬಂಧಿಸಿದ ಕಚೇರಿಗೆ ಸಲ್ಲಿಸಬೇಕು. ಹೆಚ್ಚಿನ ಮಾಹಿತಿಗಾಗಿ ತಾಲ್ಲೂಕು ಪ.ವರ್ಗಗಳ ಕಲ್ಯಾಣಾಧಿಕಾರಿಗಳ ಕಚೇರಿ ದೂ.08192-262002 ಸಂಪರ್ಕಿಸಬಹುದು.
